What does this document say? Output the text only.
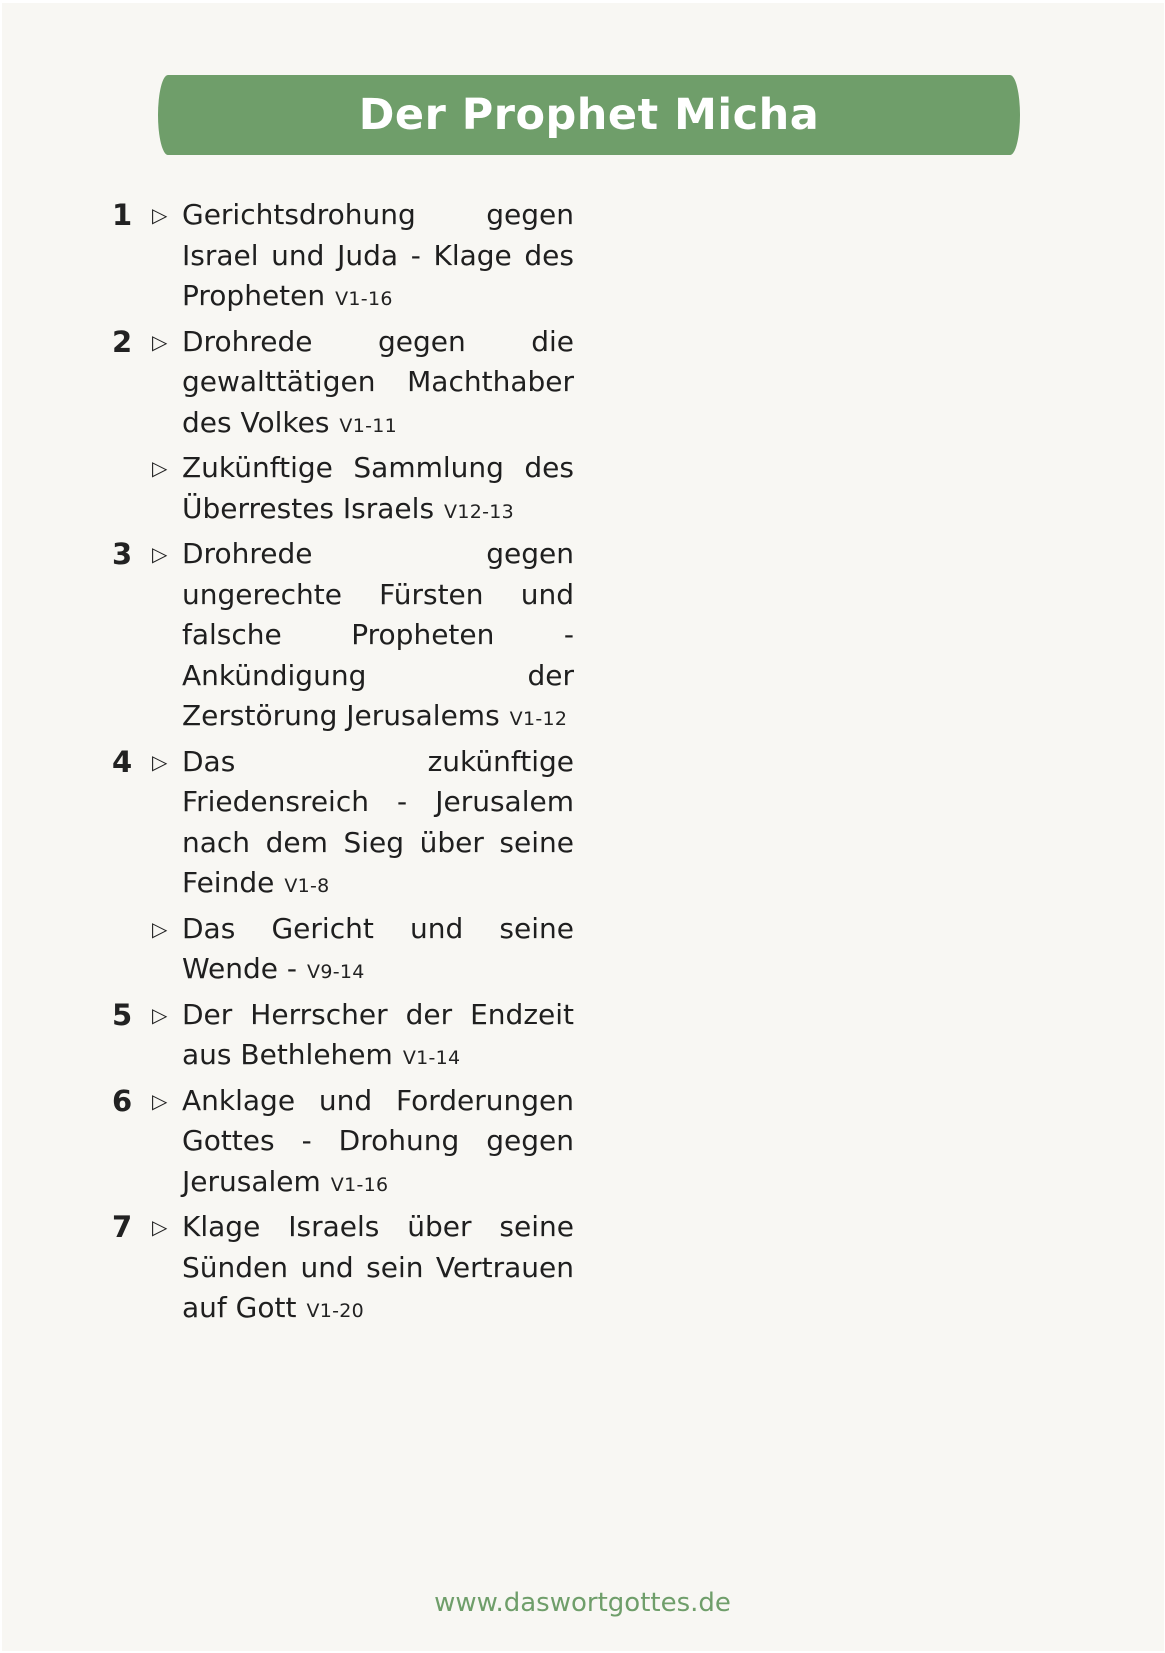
Der Prophet Micha
1 ▷ Gerichtsdrohung gegen Israel und Juda - Klage des Propheten V1-16
2 ▷ Drohrede gegen die gewalttätigen Machthaber des Volkes V1-11
▷ Zukünftige Sammlung des Überrestes Israels V12-13
3 ▷ Drohrede gegen ungerechte Fürsten und falsche Propheten - Ankündigung der Zerstörung Jerusalems V1-12
4 ▷ Das zukünftige Friedensreich - Jerusalem nach dem Sieg über seine Feinde V1-8
▷ Das Gericht und seine Wende - V9-14
5 ▷ Der Herrscher der Endzeit aus Bethlehem V1-14
6 ▷ Anklage und Forderungen Gottes - Drohung gegen Jerusalem V1-16
7 ▷ Klage Israels über seine Sünden und sein Vertrauen auf Gott V1-20
www.daswortgottes.de
